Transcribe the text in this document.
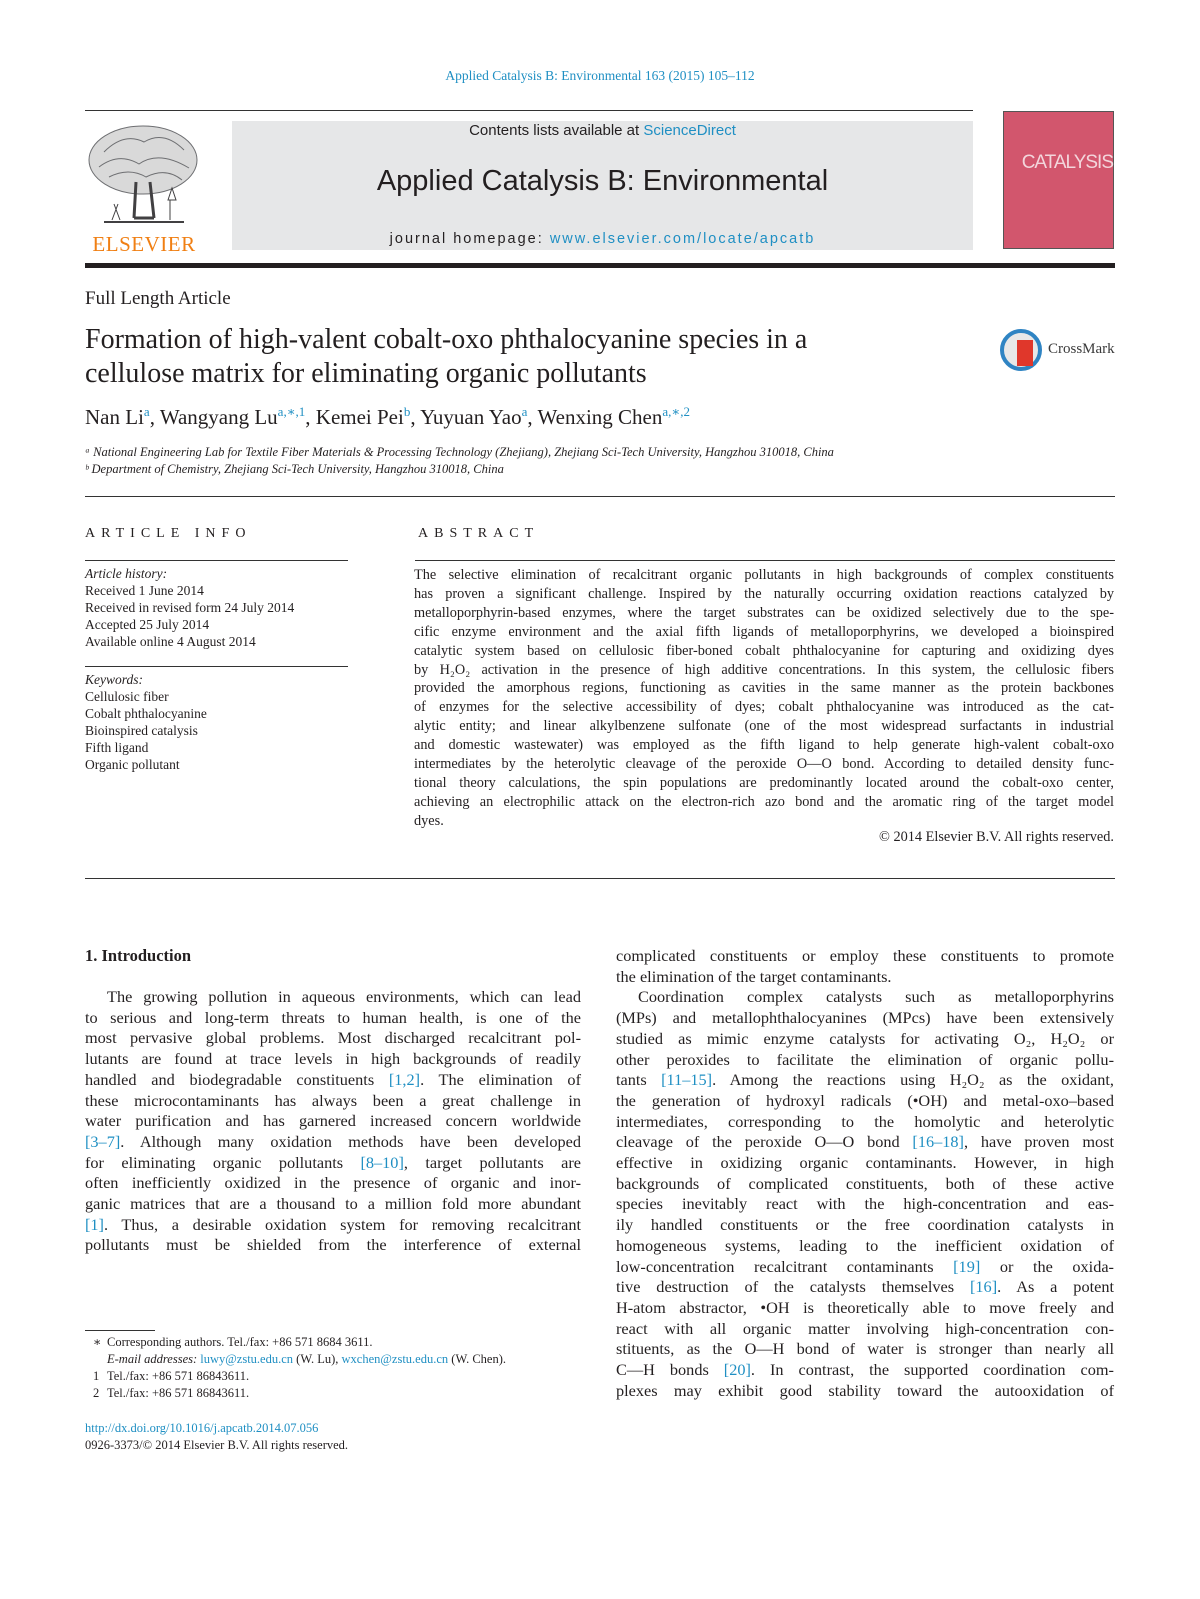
Applied Catalysis B: Environmental 163 (2015) 105–112
ELSEVIER
Contents lists available at ScienceDirect
Applied Catalysis B: Environmental
journal homepage: www.elsevier.com/locate/apcatb
CATALYSIS
Full Length Article
Formation of high-valent cobalt-oxo phthalocyanine species in a
cellulose matrix for eliminating organic pollutants
CrossMark
Nan Li$^a$, Wangyang $Lu^{a,∗,1}$, Kemei Pei$^b$, Yuyuan Yao$^a$, Wenxing Chen$^{a,∗,2}$
ᵃ National Engineering Lab for Textile Fiber Materials & Processing Technology (Zhejiang), Zhejiang Sci-Tech University, Hangzhou 310018, China
ᵇ Department of Chemistry, Zhejiang Sci-Tech University, Hangzhou 310018, China
ARTICLE INFO
Article history:
Received 1 June 2014
Received in revised form 24 July 2014
Accepted 25 July 2014
Available online 4 August 2014
Keywords:
Cellulosic fiber
Cobalt phthalocyanine
Bioinspired catalysis
Fifth ligand
Organic pollutant
ABSTRACT
The selective elimination of recalcitrant organic pollutants in high backgrounds of complex constituents
has proven a significant challenge. Inspired by the naturally occurring oxidation reactions catalyzed by
metalloporphyrin-based enzymes, where the target substrates can be oxidized selectively due to the spe-
cific enzyme environment and the axial fifth ligands of metalloporphyrins, we developed a bioinspired
catalytic system based on cellulosic fiber-boned cobalt phthalocyanine for capturing and oxidizing dyes
by H₂O₂ activation in the presence of high additive concentrations. In this system, the cellulosic fibers
provided the amorphous regions, functioning as cavities in the same manner as the protein backbones
of enzymes for the selective accessibility of dyes; cobalt phthalocyanine was introduced as the cat-
alytic entity; and linear alkylbenzene sulfonate (one of the most widespread surfactants in industrial
and domestic wastewater) was employed as the fifth ligand to help generate high-valent cobalt-oxo
intermediates by the heterolytic cleavage of the peroxide O—O bond. According to detailed density func-
tional theory calculations, the spin populations are predominantly located around the cobalt-oxo center,
achieving an electrophilic attack on the electron-rich azo bond and the aromatic ring of the target model
dyes.
© 2014 Elsevier B.V. All rights reserved.
1. Introduction
The growing pollution in aqueous environments, which can lead
to serious and long-term threats to human health, is one of the
most pervasive global problems. Most discharged recalcitrant pol-
lutants are found at trace levels in high backgrounds of readily
handled and biodegradable constituents [1,2]. The elimination of
these microcontaminants has always been a great challenge in
water purification and has garnered increased concern worldwide
[3–7]. Although many oxidation methods have been developed
for eliminating organic pollutants [8–10], target pollutants are
often inefficiently oxidized in the presence of organic and inor-
ganic matrices that are a thousand to a million fold more abundant
[1]. Thus, a desirable oxidation system for removing recalcitrant
pollutants must be shielded from the interference of external
complicated constituents or employ these constituents to promote
the elimination of the target contaminants.
Coordination complex catalysts such as metalloporphyrins
(MPs) and metallophthalocyanines (MPcs) have been extensively
studied as mimic enzyme catalysts for activating O₂, H₂O₂ or
other peroxides to facilitate the elimination of organic pollu-
tants [11–15]. Among the reactions using H₂O₂ as the oxidant,
the generation of hydroxyl radicals (•OH) and metal-oxo–based
intermediates, corresponding to the homolytic and heterolytic
cleavage of the peroxide O—O bond [16–18], have proven most
effective in oxidizing organic contaminants. However, in high
backgrounds of complicated constituents, both of these active
species inevitably react with the high-concentration and eas-
ily handled constituents or the free coordination catalysts in
homogeneous systems, leading to the inefficient oxidation of
low-concentration recalcitrant contaminants [19] or the oxida-
tive destruction of the catalysts themselves [16]. As a potent
H-atom abstractor, •OH is theoretically able to move freely and
react with all organic matter involving high-concentration con-
stituents, as the O—H bond of water is stronger than nearly all
C—H bonds [20]. In contrast, the supported coordination com-
plexes may exhibit good stability toward the autooxidation of
∗ Corresponding authors. Tel./fax: +86 571 8684 3611.
E-mail addresses: luwy@zstu.edu.cn (W. Lu), wxchen@zstu.edu.cn (W. Chen).
1 Tel./fax: +86 571 86843611.
2 Tel./fax: +86 571 86843611.
http://dx.doi.org/10.1016/j.apcatb.2014.07.056
0926-3373/© 2014 Elsevier B.V. All rights reserved.
